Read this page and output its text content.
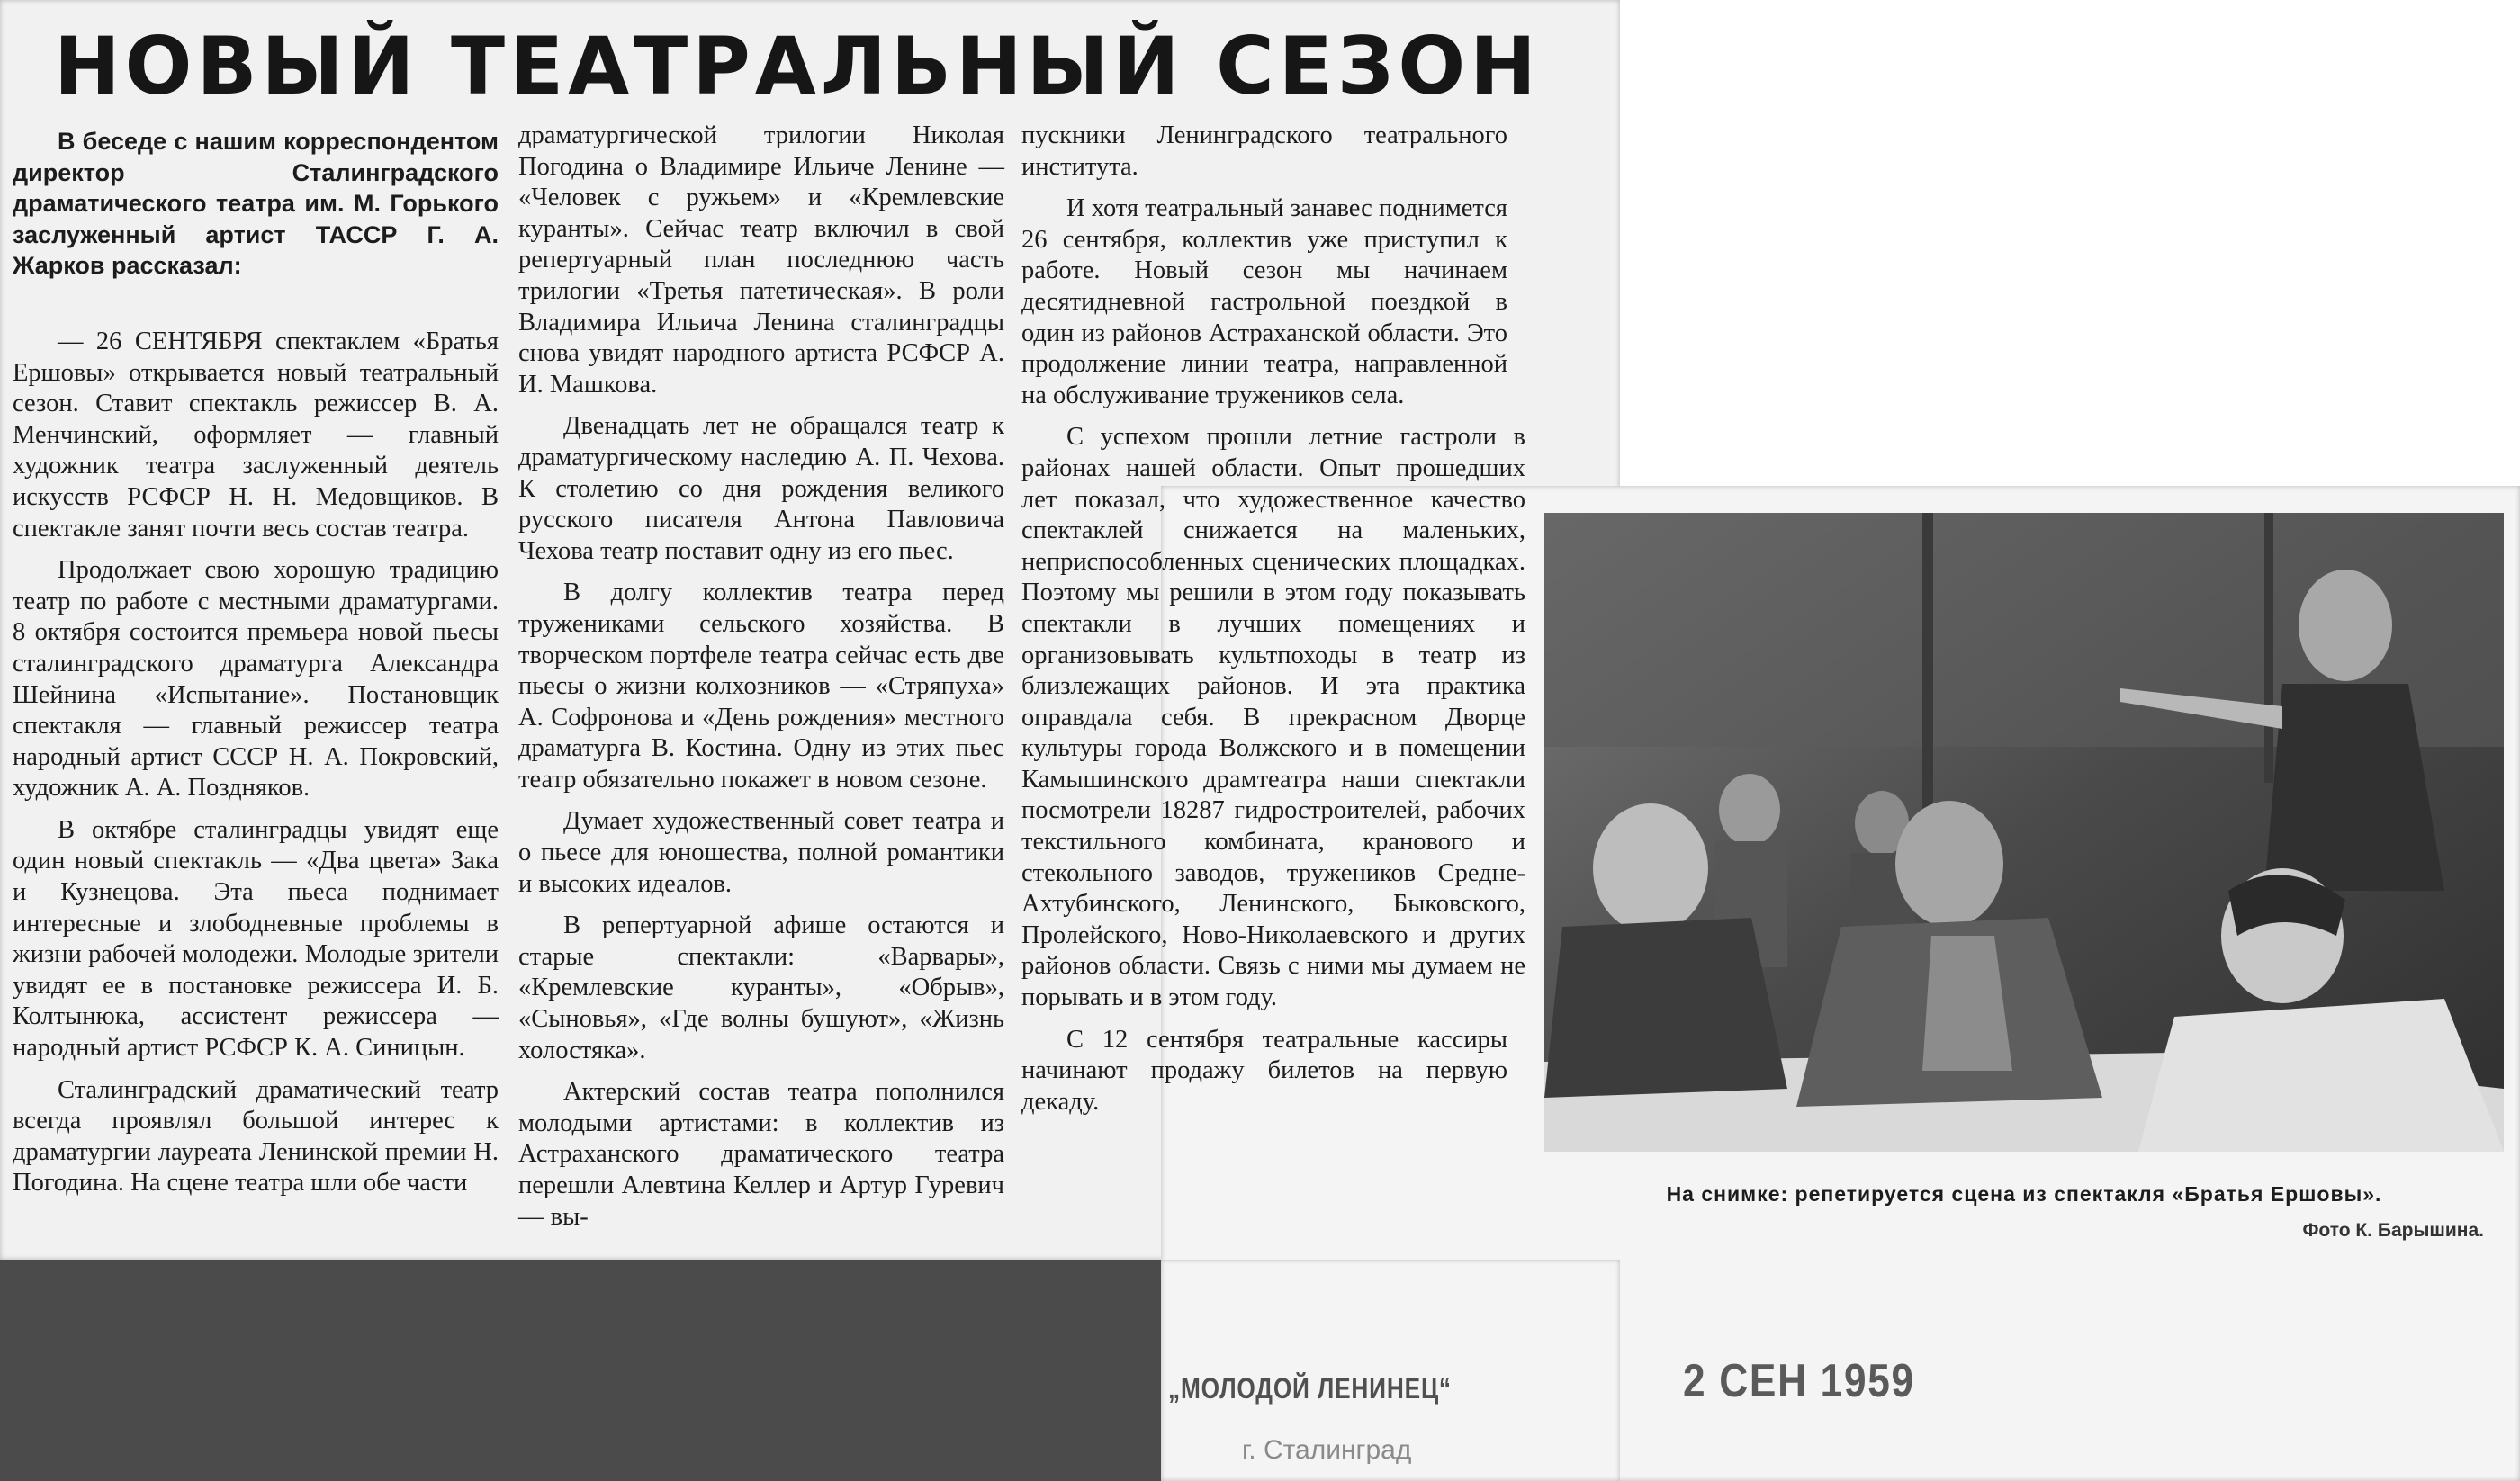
НОВЫЙ ТЕАТРАЛЬНЫЙ СЕЗОН

В беседе с нашим корреспондентом директор Сталинградского драматического театра им. М. Горького заслуженный артист ТАССР Г. А. Жарков рассказал:

— 26 СЕНТЯБРЯ спектаклем «Братья Ершовы» открывается новый театральный сезон. Ставит спектакль режиссер В. А. Менчинский, оформляет — главный художник театра заслуженный деятель искусств РСФСР Н. Н. Медовщиков. В спектакле занят почти весь состав театра.

Продолжает свою хорошую традицию театр по работе с местными драматургами. 8 октября состоится премьера новой пьесы сталинградского драматурга Александра Шейнина «Испытание». Постановщик спектакля — главный режиссер театра народный артист СССР Н. А. Покровский, художник А. А. Поздняков.

В октябре сталинградцы увидят еще один новый спектакль — «Два цвета» Зака и Кузнецова. Эта пьеса поднимает интересные и злободневные проблемы в жизни рабочей молодежи. Молодые зрители увидят ее в постановке режиссера И. Б. Колтынюка, ассистент режиссера — народный артист РСФСР К. А. Синицын.

Сталинградский драматический театр всегда проявлял большой интерес к драматургии лауреата Ленинской премии Н. Погодина. На сцене театра шли обе части

драматургической трилогии Николая Погодина о Владимире Ильиче Ленине — «Человек с ружьем» и «Кремлевские куранты». Сейчас театр включил в свой репертуарный план последнюю часть трилогии «Третья патетическая». В роли Владимира Ильича Ленина сталинградцы снова увидят народного артиста РСФСР А. И. Машкова.

Двенадцать лет не обращался театр к драматургическому наследию А. П. Чехова. К столетию со дня рождения великого русского писателя Антона Павловича Чехова театр поставит одну из его пьес.

В долгу коллектив театра перед тружениками сельского хозяйства. В творческом портфеле театра сейчас есть две пьесы о жизни колхозников — «Стряпуха» А. Софронова и «День рождения» местного драматурга В. Костина. Одну из этих пьес театр обязательно покажет в новом сезоне.

Думает художественный совет театра и о пьесе для юношества, полной романтики и высоких идеалов.

В репертуарной афише остаются и старые спектакли: «Варвары», «Кремлевские куранты», «Обрыв», «Сыновья», «Где волны бушуют», «Жизнь холостяка».

Актерский состав театра пополнился молодыми артистами: в коллектив из Астраханского драматического театра перешли Алевтина Келлер и Артур Гуревич — вы-

пускники Ленинградского театрального института.

И хотя театральный занавес поднимется 26 сентября, коллектив уже приступил к работе. Новый сезон мы начинаем десятидневной гастрольной поездкой в один из районов Астраханской области. Это продолжение линии театра, направленной на обслуживание тружеников села.

С успехом прошли летние гастроли в районах нашей области. Опыт прошедших лет показал, что художественное качество спектаклей снижается на маленьких, неприспособленных сценических площадках. Поэтому мы решили в этом году показывать спектакли в лучших помещениях и организовывать культпоходы в театр из близлежащих районов. И эта практика оправдала себя. В прекрасном Дворце культуры города Волжского и в помещении Камышинского драмтеатра наши спектакли посмотрели 18287 гидростроителей, рабочих текстильного комбината, кранового и стекольного заводов, тружеников Средне-Ахтубинского, Ленинского, Быковского, Пролейского, Ново-Николаевского и других районов области. Связь с ними мы думаем не порывать и в этом году.

С 12 сентября театральные кассиры начинают продажу билетов на первую декаду.

На снимке: репетируется сцена из спектакля «Братья Ершовы».
Фото К. Барышина.
„МОЛОДОЙ ЛЕНИНЕЦ“
г. Сталинград
2 СЕН 1959
